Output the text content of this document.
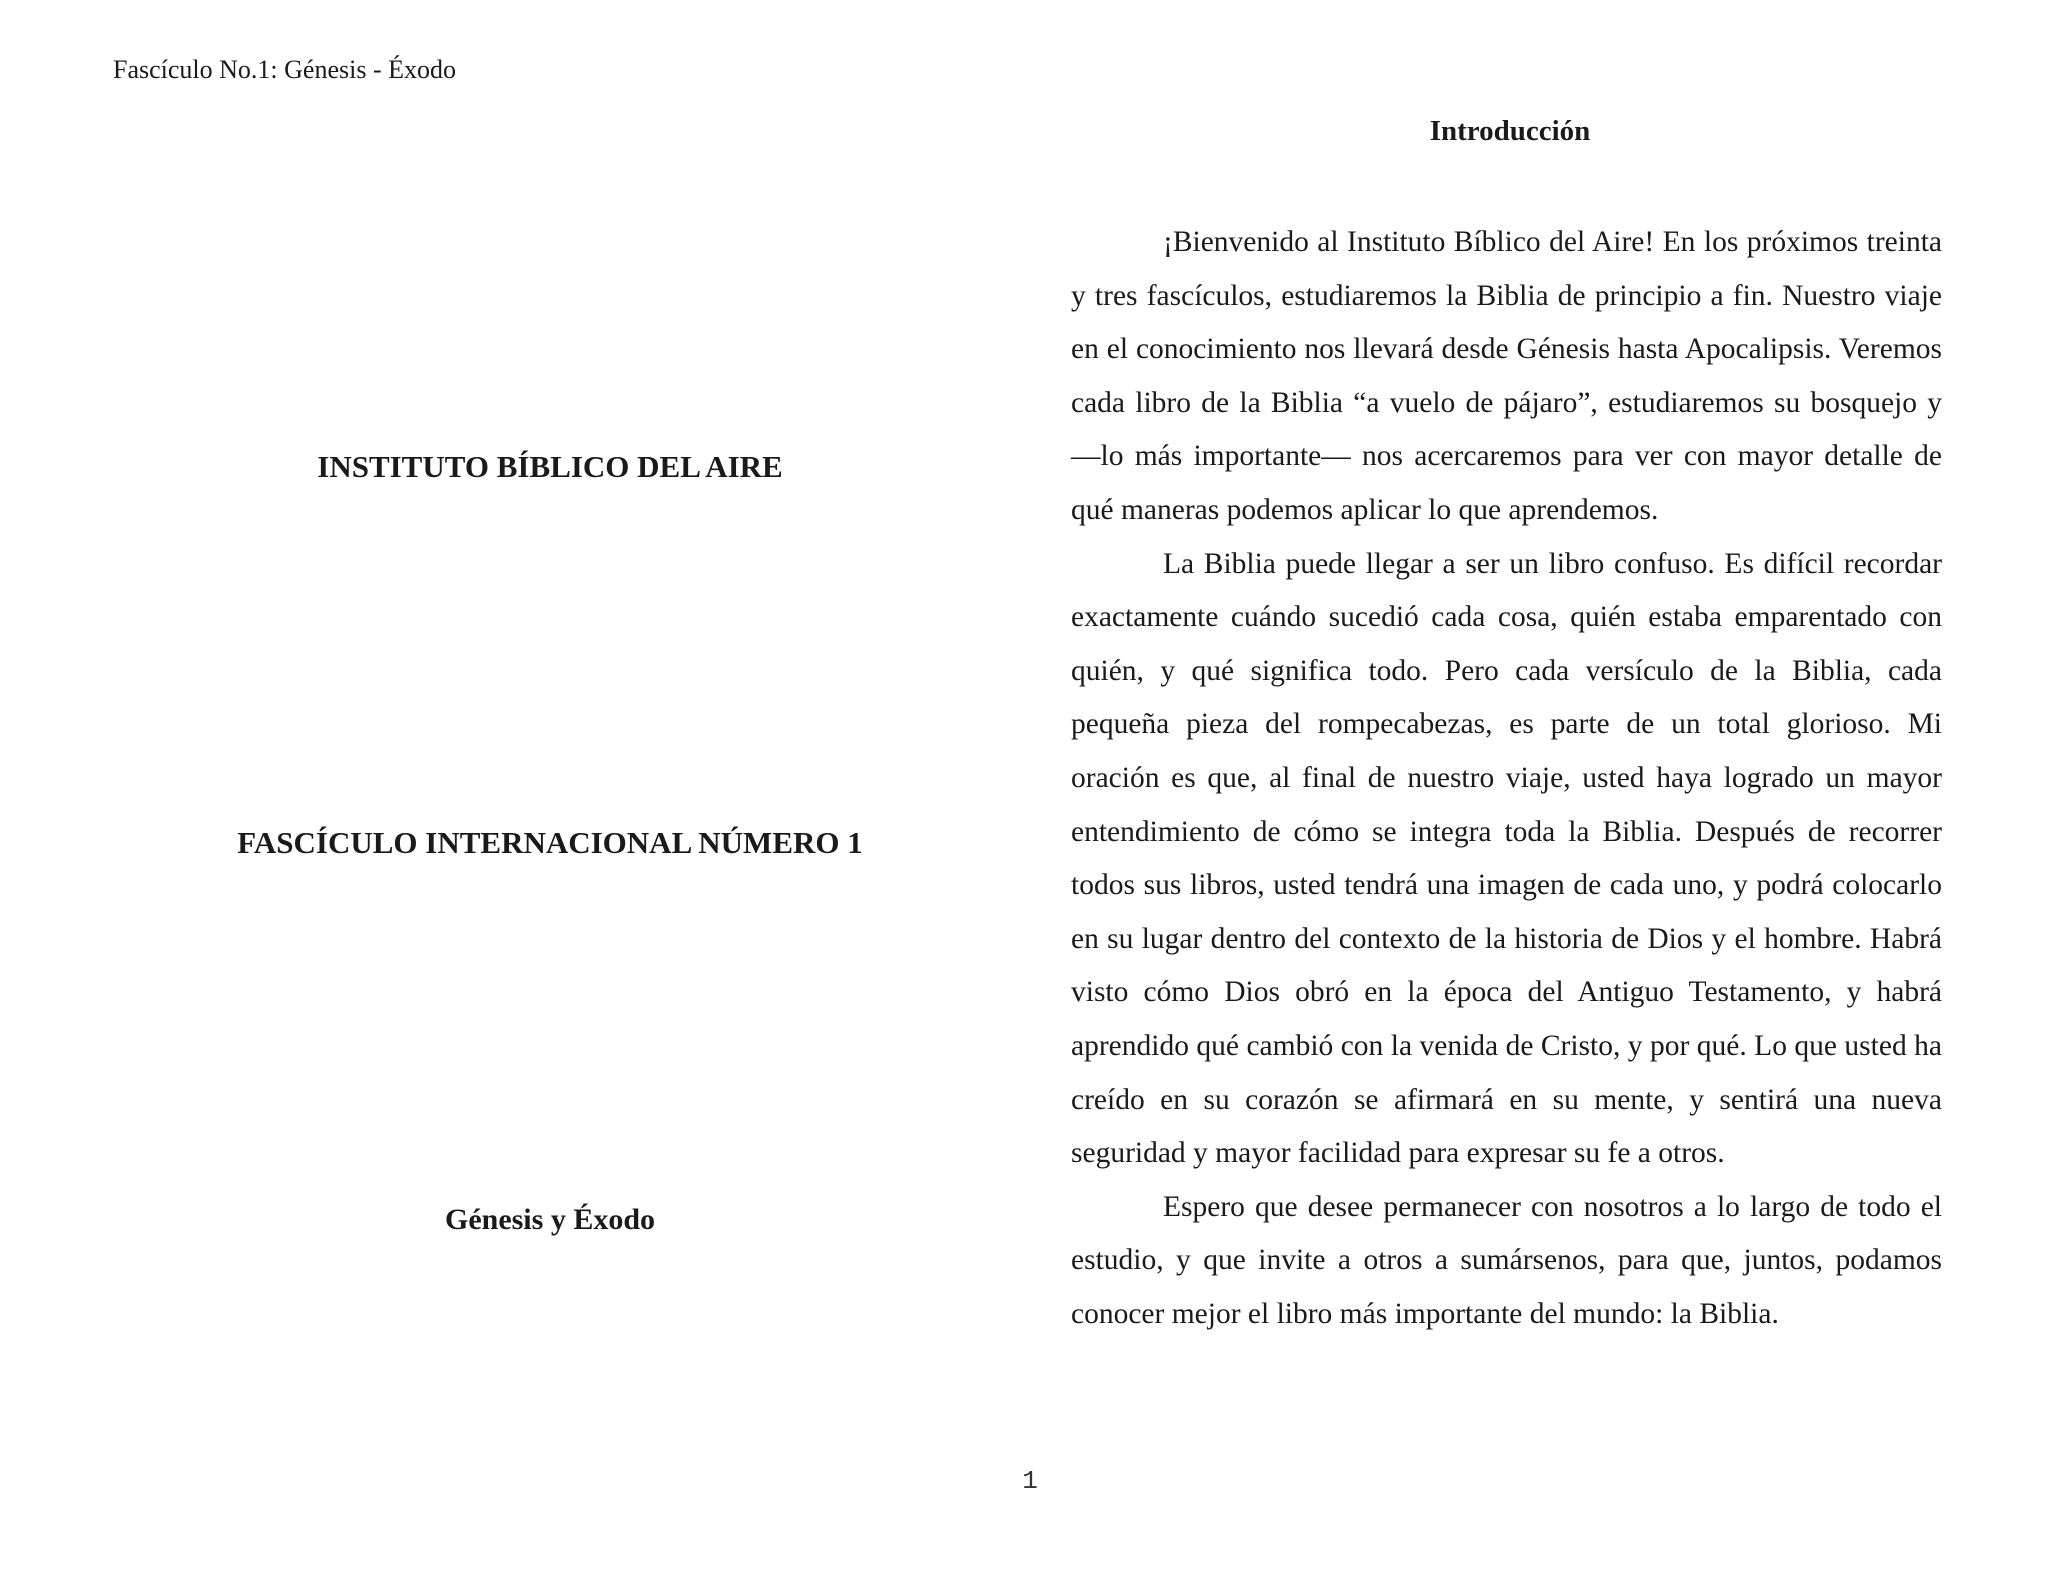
Fascículo No.1: Génesis - Éxodo
INSTITUTO BÍBLICO DEL AIRE
FASCÍCULO INTERNACIONAL NÚMERO 1
Génesis y Éxodo
Introducción

¡Bienvenido al Instituto Bíblico del Aire! En los próximos treinta y tres fascículos, estudiaremos la Biblia de principio a fin. Nuestro viaje en el conocimiento nos llevará desde Génesis hasta Apocalipsis. Veremos cada libro de la Biblia “a vuelo de pájaro”, estudiaremos su bosquejo y —lo más importante— nos acercaremos para ver con mayor detalle de qué maneras podemos aplicar lo que aprendemos.

La Biblia puede llegar a ser un libro confuso. Es difícil recordar exactamente cuándo sucedió cada cosa, quién estaba emparentado con quién, y qué significa todo. Pero cada versículo de la Biblia, cada pequeña pieza del rompecabezas, es parte de un total glorioso. Mi oración es que, al final de nuestro viaje, usted haya logrado un mayor entendimiento de cómo se integra toda la Biblia. Después de recorrer todos sus libros, usted tendrá una imagen de cada uno, y podrá colocarlo en su lugar dentro del contexto de la historia de Dios y el hombre. Habrá visto cómo Dios obró en la época del Antiguo Testamento, y habrá aprendido qué cambió con la venida de Cristo, y por qué. Lo que usted ha creído en su corazón se afirmará en su mente, y sentirá una nueva seguridad y mayor facilidad para expresar su fe a otros.

Espero que desee permanecer con nosotros a lo largo de todo el estudio, y que invite a otros a sumársenos, para que, juntos, podamos conocer mejor el libro más importante del mundo: la Biblia.

1
